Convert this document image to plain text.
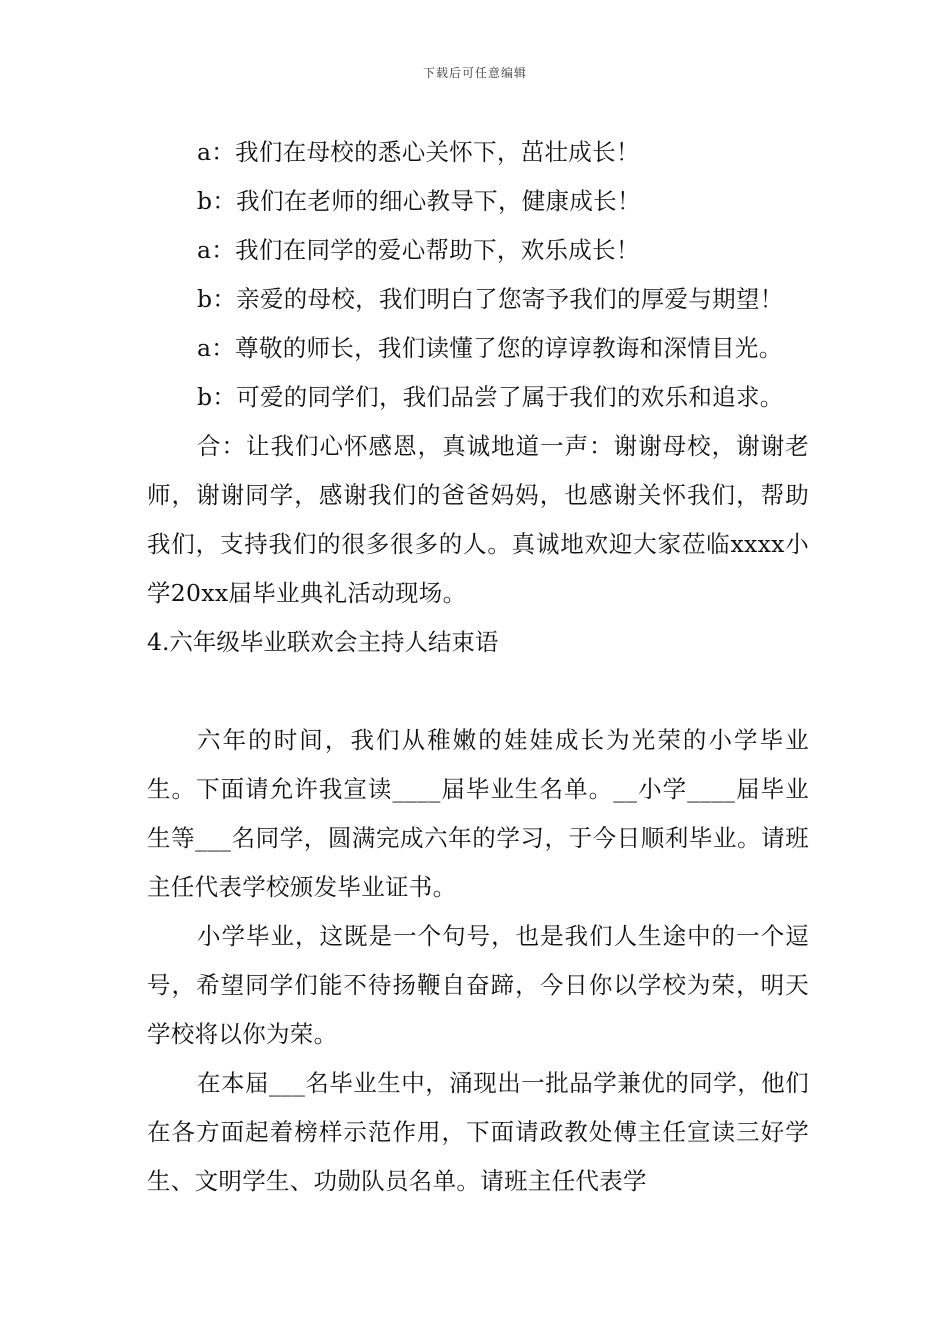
下载后可任意编辑
a：我们在母校的悉心关怀下，茁壮成长！
b：我们在老师的细心教导下，健康成长！
a：我们在同学的爱心帮助下，欢乐成长！
b：亲爱的母校，我们明白了您寄予我们的厚爱与期望！
a：尊敬的师长，我们读懂了您的谆谆教诲和深情目光。
b：可爱的同学们，我们品尝了属于我们的欢乐和追求。
合：让我们心怀感恩，真诚地道一声：谢谢母校，谢谢老师，谢谢同学，感谢我们的爸爸妈妈，也感谢关怀我们，帮助我们，支持我们的很多很多的人。真诚地欢迎大家莅临xxxx小学20xx届毕业典礼活动现场。
4.六年级毕业联欢会主持人结束语
六年的时间，我们从稚嫩的娃娃成长为光荣的小学毕业生。下面请允许我宣读____届毕业生名单。__小学____届毕业生等___名同学，圆满完成六年的学习，于今日顺利毕业。请班主任代表学校颁发毕业证书。
小学毕业，这既是一个句号，也是我们人生途中的一个逗号，希望同学们能不待扬鞭自奋蹄，今日你以学校为荣，明天学校将以你为荣。
在本届___名毕业生中，涌现出一批品学兼优的同学，他们在各方面起着榜样示范作用，下面请政教处傅主任宣读三好学生、文明学生、功勋队员名单。请班主任代表学
